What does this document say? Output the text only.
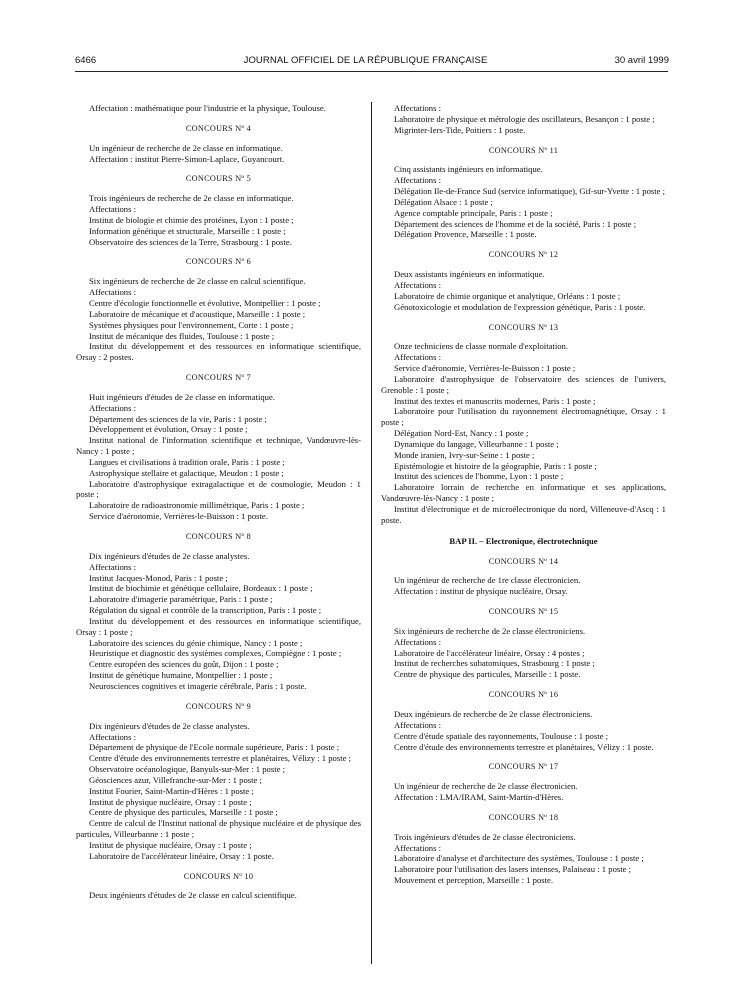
6466	JOURNAL OFFICIEL DE LA RÉPUBLIQUE FRANÇAISE	30 avril 1999

Affectation : mathématique pour l'industrie et la physique, Toulouse.

CONCOURS Nº 4

Un ingénieur de recherche de 2e classe en informatique.

Affectation : institut Pierre-Simon-Laplace, Guyancourt.

CONCOURS Nº 5

Trois ingénieurs de recherche de 2e classe en informatique.

Affectations :

Institut de biologie et chimie des protéines, Lyon : 1 poste ;

Information génétique et structurale, Marseille : 1 poste ;

Observatoire des sciences de la Terre, Strasbourg : 1 poste.

CONCOURS Nº 6

Six ingénieurs de recherche de 2e classe en calcul scientifique.

Affectations :

Centre d'écologie fonctionnelle et évolutive, Montpellier : 1 poste ;

Laboratoire de mécanique et d'acoustique, Marseille : 1 poste ;

Systèmes physiques pour l'environnement, Corte : 1 poste ;

Institut de mécanique des fluides, Toulouse : 1 poste ;

Institut du développement et des ressources en informatique scientifique, Orsay : 2 postes.

CONCOURS Nº 7

Huit ingénieurs d'études de 2e classe en informatique.

Affectations :

Département des sciences de la vie, Paris : 1 poste ;

Développement et évolution, Orsay : 1 poste ;

Institut national de l'information scientifique et technique, Vandœuvre-lès-Nancy : 1 poste ;

Langues et civilisations à tradition orale, Paris : 1 poste ;

Astrophysique stellaire et galactique, Meudon : 1 poste ;

Laboratoire d'astrophysique extragalactique et de cosmologie, Meudon : 1 poste ;

Laboratoire de radioastronomie millimétrique, Paris : 1 poste ;

Service d'aéronomie, Verrières-le-Buisson : 1 poste.

CONCOURS Nº 8

Dix ingénieurs d'études de 2e classe analystes.

Affectations :

Institut Jacques-Monod, Paris : 1 poste ;

Institut de biochimie et génétique cellulaire, Bordeaux : 1 poste ;

Laboratoire d'imagerie paramétrique, Paris : 1 poste ;

Régulation du signal et contrôle de la transcription, Paris : 1 poste ;

Institut du développement et des ressources en informatique scientifique, Orsay : 1 poste ;

Laboratoire des sciences du génie chimique, Nancy : 1 poste ;

Heuristique et diagnostic des systèmes complexes, Compiègne : 1 poste ;

Centre européen des sciences du goût, Dijon : 1 poste ;

Institut de génétique humaine, Montpellier : 1 poste ;

Neurosciences cognitives et imagerie cérébrale, Paris : 1 poste.

CONCOURS Nº 9

Dix ingénieurs d'études de 2e classe analystes.

Affectations :

Département de physique de l'Ecole normale supérieure, Paris : 1 poste ;

Centre d'étude des environnements terrestre et planétaires, Vélizy : 1 poste ;

Observatoire océanologique, Banyuls-sur-Mer : 1 poste ;

Géosciences azur, Villefranche-sur-Mer : 1 poste ;

Institut Fourier, Saint-Martin-d'Hères : 1 poste ;

Institut de physique nucléaire, Orsay : 1 poste ;

Centre de physique des particules, Marseille : 1 poste ;

Centre de calcul de l'Institut national de physique nucléaire et de physique des particules, Villeurbanne : 1 poste ;

Institut de physique nucléaire, Orsay : 1 poste ;

Laboratoire de l'accélérateur linéaire, Orsay : 1 poste.

CONCOURS Nº 10

Deux ingénieurs d'études de 2e classe en calcul scientifique.

Affectations :

Laboratoire de physique et métrologie des oscillateurs, Besançon : 1 poste ;

Migrinter-Iers-Tide, Poitiers : 1 poste.

CONCOURS Nº 11

Cinq assistants ingénieurs en informatique.

Affectations :

Délégation Ile-de-France Sud (service informatique), Gif-sur-Yvette : 1 poste ;

Délégation Alsace : 1 poste ;

Agence comptable principale, Paris : 1 poste ;

Département des sciences de l'homme et de la société, Paris : 1 poste ;

Délégation Provence, Marseille : 1 poste.

CONCOURS Nº 12

Deux assistants ingénieurs en informatique.

Affectations :

Laboratoire de chimie organique et analytique, Orléans : 1 poste ;

Génotoxicologie et modulation de l'expression génétique, Paris : 1 poste.

CONCOURS Nº 13

Onze techniciens de classe normale d'exploitation.

Affectations :

Service d'aéronomie, Verrières-le-Buisson : 1 poste ;

Laboratoire d'astrophysique de l'observatoire des sciences de l'univers, Grenoble : 1 poste ;

Institut des textes et manuscrits modernes, Paris : 1 poste ;

Laboratoire pour l'utilisation du rayonnement électromagnétique, Orsay : 1 poste ;

Délégation Nord-Est, Nancy : 1 poste ;

Dynamique du langage, Villeurbanne : 1 poste ;

Monde iranien, Ivry-sur-Seine : 1 poste ;

Epistémologie et histoire de la géographie, Paris : 1 poste ;

Institut des sciences de l'homme, Lyon : 1 poste ;

Laboratoire lorrain de recherche en informatique et ses applications, Vandœuvre-lès-Nancy : 1 poste ;

Institut d'électronique et de microélectronique du nord, Villeneuve-d'Ascq : 1 poste.

BAP II. – Electronique, électrotechnique
CONCOURS Nº 14

Un ingénieur de recherche de 1re classe électronicien.

Affectation : institut de physique nucléaire, Orsay.

CONCOURS Nº 15

Six ingénieurs de recherche de 2e classe électroniciens.

Affectations :

Laboratoire de l'accélérateur linéaire, Orsay : 4 postes ;

Institut de recherches subatomiques, Strasbourg : 1 poste ;

Centre de physique des particules, Marseille : 1 poste.

CONCOURS Nº 16

Deux ingénieurs de recherche de 2e classe électroniciens.

Affectations :

Centre d'étude spatiale des rayonnements, Toulouse : 1 poste ;

Centre d'étude des environnements terrestre et planétaires, Vélizy : 1 poste.

CONCOURS Nº 17

Un ingénieur de recherche de 2e classe électronicien.

Affectation : LMA/IRAM, Saint-Martin-d'Hères.

CONCOURS Nº 18

Trois ingénieurs d'études de 2e classe électroniciens.

Affectations :

Laboratoire d'analyse et d'architecture des systèmes, Toulouse : 1 poste ;

Laboratoire pour l'utilisation des lasers intenses, Palaiseau : 1 poste ;

Mouvement et perception, Marseille : 1 poste.
